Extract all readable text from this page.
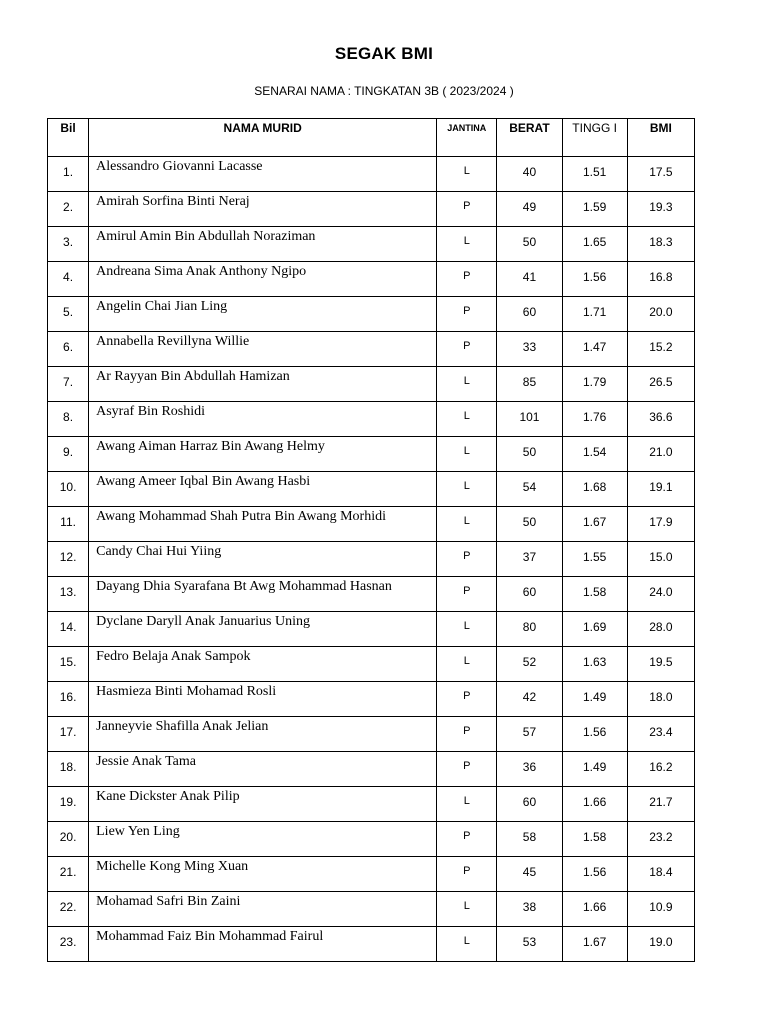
SEGAK BMI
SENARAI NAMA : TINGKATAN 3B ( 2023/2024 )
Bil	NAMA MURID	JANTINA	BERAT	TINGG I	BMI
1.	Alessandro Giovanni Lacasse	L	40	1.51	17.5
2.	Amirah Sorfina Binti Neraj	P	49	1.59	19.3
3.	Amirul Amin Bin Abdullah Noraziman	L	50	1.65	18.3
4.	Andreana Sima Anak Anthony Ngipo	P	41	1.56	16.8
5.	Angelin Chai Jian Ling	P	60	1.71	20.0
6.	Annabella Revillyna Willie	P	33	1.47	15.2
7.	Ar Rayyan Bin Abdullah Hamizan	L	85	1.79	26.5
8.	Asyraf Bin Roshidi	L	101	1.76	36.6
9.	Awang Aiman Harraz Bin Awang Helmy	L	50	1.54	21.0
10.	Awang Ameer Iqbal Bin Awang Hasbi	L	54	1.68	19.1
11.	Awang Mohammad Shah Putra Bin Awang Morhidi	L	50	1.67	17.9
12.	Candy Chai Hui Yiing	P	37	1.55	15.0
13.	Dayang Dhia Syarafana Bt Awg Mohammad Hasnan	P	60	1.58	24.0
14.	Dyclane Daryll Anak Januarius Uning	L	80	1.69	28.0
15.	Fedro Belaja Anak Sampok	L	52	1.63	19.5
16.	Hasmieza Binti Mohamad Rosli	P	42	1.49	18.0
17.	Janneyvie Shafilla Anak Jelian	P	57	1.56	23.4
18.	Jessie Anak Tama	P	36	1.49	16.2
19.	Kane Dickster Anak Pilip	L	60	1.66	21.7
20.	Liew Yen Ling	P	58	1.58	23.2
21.	Michelle Kong Ming Xuan	P	45	1.56	18.4
22.	Mohamad Safri Bin Zaini	L	38	1.66	10.9
23.	Mohammad Faiz Bin Mohammad Fairul	L	53	1.67	19.0
